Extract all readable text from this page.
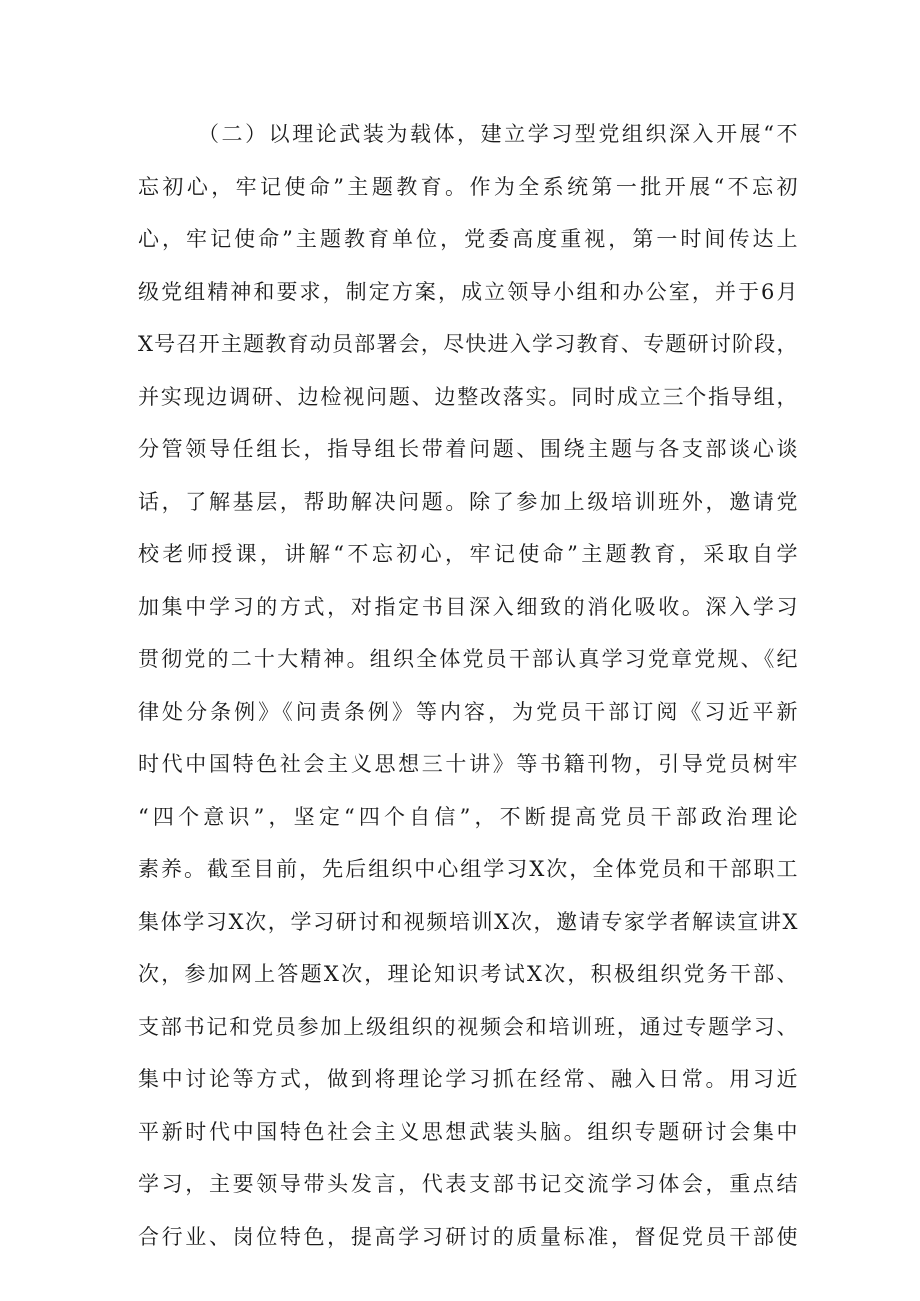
（二）以理论武装为载体，建立学习型党组织深入开展“不
忘初心，牢记使命”主题教育。作为全系统第一批开展“不忘初
心，牢记使命”主题教育单位，党委高度重视，第一时间传达上
级党组精神和要求，制定方案，成立领导小组和办公室，并于6月
X号召开主题教育动员部署会，尽快进入学习教育、专题研讨阶段，
并实现边调研、边检视问题、边整改落实。同时成立三个指导组，
分管领导任组长，指导组长带着问题、围绕主题与各支部谈心谈
话，了解基层，帮助解决问题。除了参加上级培训班外，邀请党
校老师授课，讲解“不忘初心，牢记使命”主题教育，采取自学
加集中学习的方式，对指定书目深入细致的消化吸收。深入学习
贯彻党的二十大精神。组织全体党员干部认真学习党章党规、《纪
律处分条例》《问责条例》等内容，为党员干部订阅《习近平新
时代中国特色社会主义思想三十讲》等书籍刊物，引导党员树牢
“四个意识”，坚定“四个自信”，不断提高党员干部政治理论
素养。截至目前，先后组织中心组学习X次，全体党员和干部职工
集体学习X次，学习研讨和视频培训X次，邀请专家学者解读宣讲X
次，参加网上答题X次，理论知识考试X次，积极组织党务干部、
支部书记和党员参加上级组织的视频会和培训班，通过专题学习、
集中讨论等方式，做到将理论学习抓在经常、融入日常。用习近
平新时代中国特色社会主义思想武装头脑。组织专题研讨会集中
学习，主要领导带头发言，代表支部书记交流学习体会，重点结
合行业、岗位特色，提高学习研讨的质量标准，督促党员干部使
